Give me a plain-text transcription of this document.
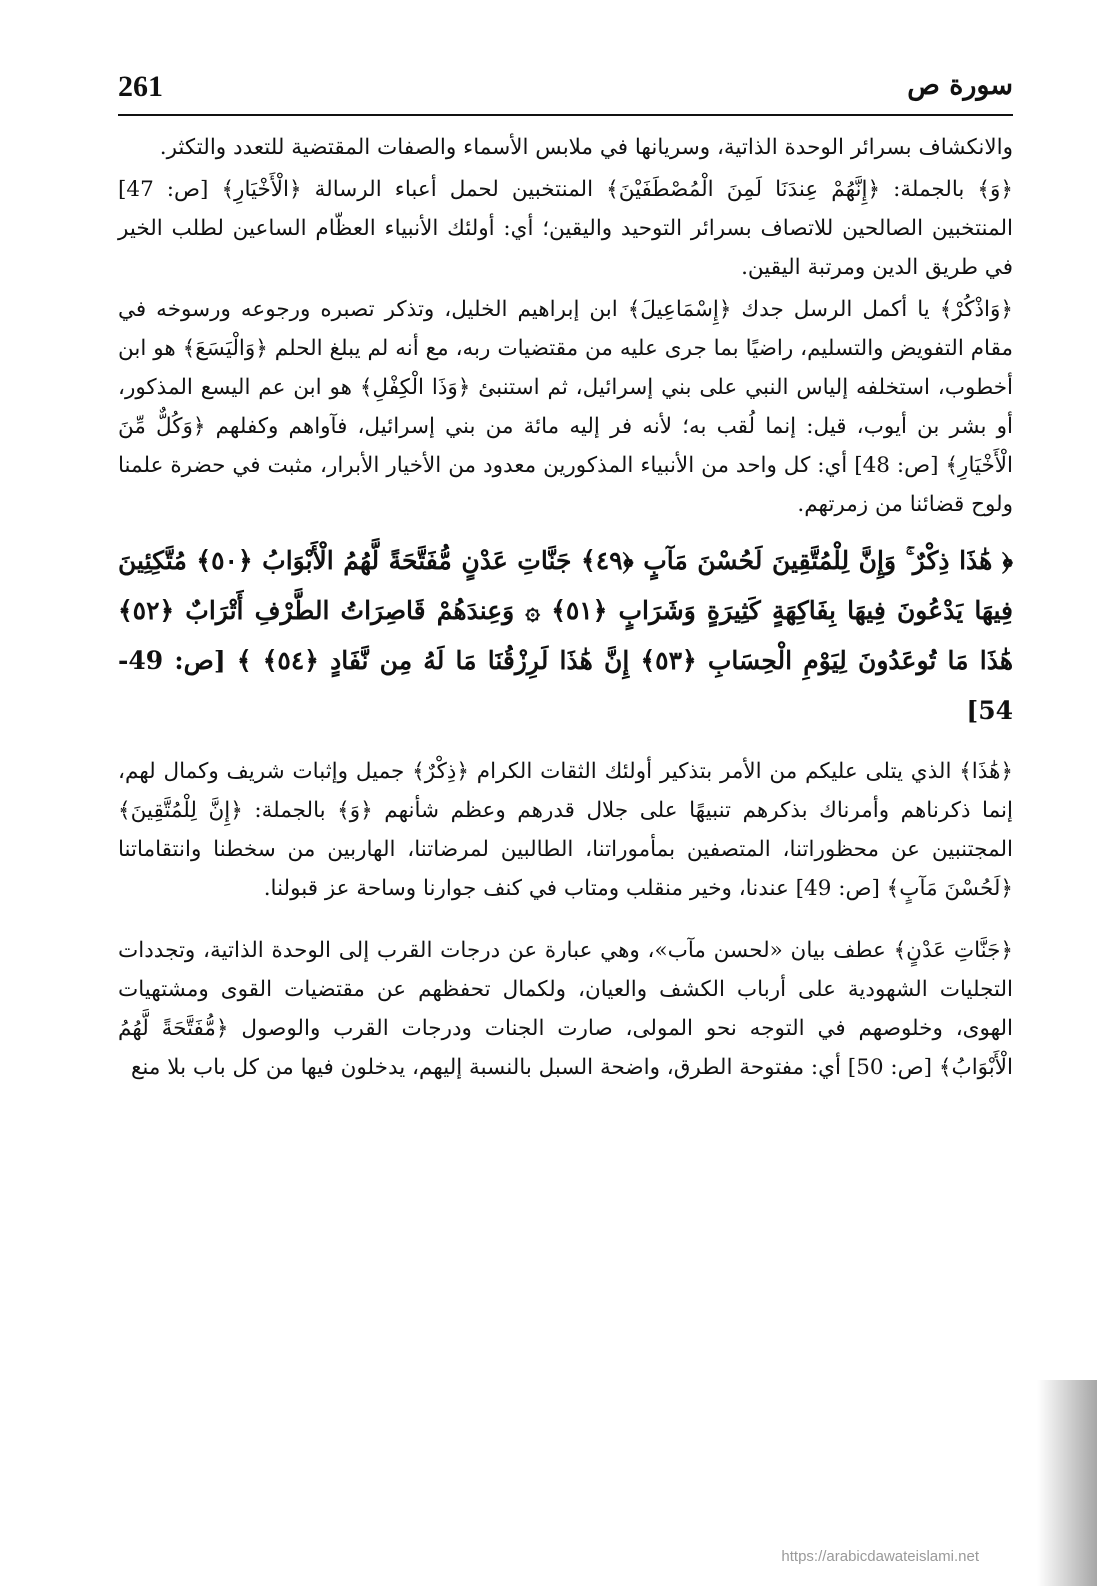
261	سورة ص

والانكشاف بسرائر الوحدة الذاتية، وسريانها في ملابس الأسماء والصفات المقتضية للتعدد والتكثر.

﴿وَ﴾ بالجملة: ﴿إِنَّهُمْ عِندَنَا لَمِنَ الْمُصْطَفَيْنَ﴾ المنتخبين لحمل أعباء الرسالة ﴿الْأَخْيَارِ﴾ [ص: 47] المنتخبين الصالحين للاتصاف بسرائر التوحيد واليقين؛ أي: أولئك الأنبياء العظّام الساعين لطلب الخير في طريق الدين ومرتبة اليقين.

﴿وَاذْكُرْ﴾ يا أكمل الرسل جدك ﴿إِسْمَاعِيلَ﴾ ابن إبراهيم الخليل، وتذكر تصبره ورجوعه ورسوخه في مقام التفويض والتسليم، راضيًا بما جرى عليه من مقتضيات ربه، مع أنه لم يبلغ الحلم ﴿وَالْيَسَعَ﴾ هو ابن أخطوب، استخلفه إلياس النبي على بني إسرائيل، ثم استنبئ ﴿وَذَا الْكِفْلِ﴾ هو ابن عم اليسع المذكور، أو بشر بن أيوب، قيل: إنما لُقب به؛ لأنه فر إليه مائة من بني إسرائيل، فآواهم وكفلهم ﴿وَكُلٌّ مِّنَ الْأَخْيَارِ﴾ [ص: 48] أي: كل واحد من الأنبياء المذكورين معدود من الأخيار الأبرار، مثبت في حضرة علمنا ولوح قضائنا من زمرتهم.

﴿ هَٰذَا ذِكْرٌ ۚ وَإِنَّ لِلْمُتَّقِينَ لَحُسْنَ مَآبٍ ﴿٤٩﴾ جَنَّاتِ عَدْنٍ مُّفَتَّحَةً لَّهُمُ الْأَبْوَابُ ﴿٥٠﴾ مُتَّكِئِينَ فِيهَا يَدْعُونَ فِيهَا بِفَاكِهَةٍ كَثِيرَةٍ وَشَرَابٍ ﴿٥١﴾ ۞ وَعِندَهُمْ قَاصِرَاتُ الطَّرْفِ أَتْرَابٌ ﴿٥٢﴾ هَٰذَا مَا تُوعَدُونَ لِيَوْمِ الْحِسَابِ ﴿٥٣﴾ إِنَّ هَٰذَا لَرِزْقُنَا مَا لَهُ مِن نَّفَادٍ ﴿٥٤﴾ ﴾ [ص: 49-54]

﴿هَٰذَا﴾ الذي يتلى عليكم من الأمر بتذكير أولئك الثقات الكرام ﴿ذِكْرٌ﴾ جميل وإثبات شريف وكمال لهم، إنما ذكرناهم وأمرناك بذكرهم تنبيهًا على جلال قدرهم وعظم شأنهم ﴿وَ﴾ بالجملة: ﴿إِنَّ لِلْمُتَّقِينَ﴾ المجتنبين عن محظوراتنا، المتصفين بمأموراتنا، الطالبين لمرضاتنا، الهاربين من سخطنا وانتقاماتنا ﴿لَحُسْنَ مَآبٍ﴾ [ص: 49] عندنا، وخير منقلب ومتاب في كنف جوارنا وساحة عز قبولنا.

﴿جَنَّاتِ عَدْنٍ﴾ عطف بيان «لحسن مآب»، وهي عبارة عن درجات القرب إلى الوحدة الذاتية، وتجددات التجليات الشهودية على أرباب الكشف والعيان، ولكمال تحفظهم عن مقتضيات القوى ومشتهيات الهوى، وخلوصهم في التوجه نحو المولى، صارت الجنات ودرجات القرب والوصول ﴿مُّفَتَّحَةً لَّهُمُ الْأَبْوَابُ﴾ [ص: 50] أي: مفتوحة الطرق، واضحة السبل بالنسبة إليهم، يدخلون فيها من كل باب بلا منع

https://arabicdawateislami.net
